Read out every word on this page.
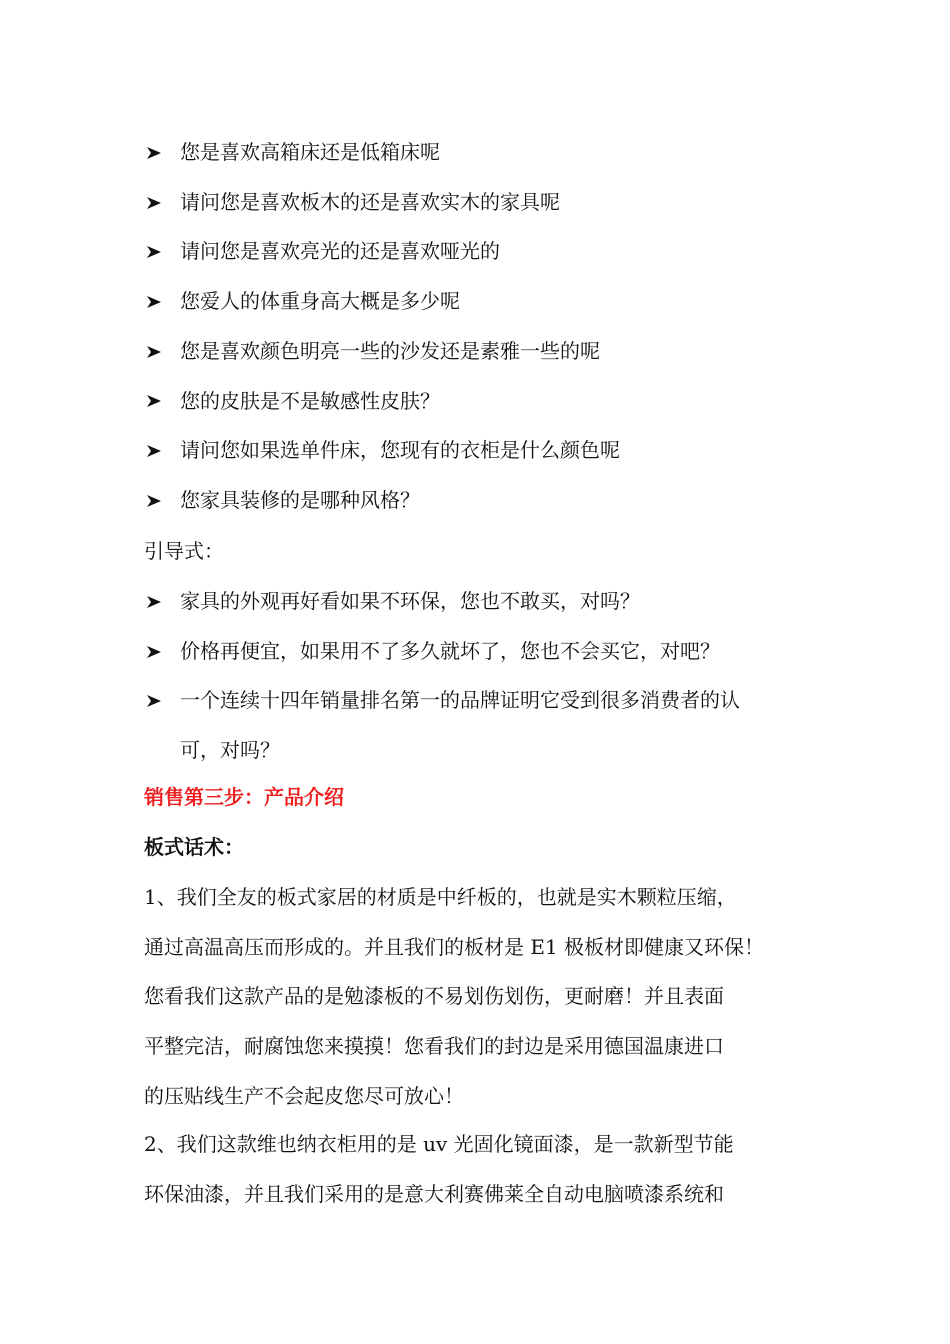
您是喜欢高箱床还是低箱床呢
请问您是喜欢板木的还是喜欢实木的家具呢
请问您是喜欢亮光的还是喜欢哑光的
您爱人的体重身高大概是多少呢
您是喜欢颜色明亮一些的沙发还是素雅一些的呢
您的皮肤是不是敏感性皮肤？
请问您如果选单件床，您现有的衣柜是什么颜色呢
您家具装修的是哪种风格？
引导式：
家具的外观再好看如果不环保，您也不敢买，对吗？
价格再便宜，如果用不了多久就坏了，您也不会买它，对吧？
一个连续十四年销量排名第一的品牌证明它受到很多消费者的认
可，对吗？
销售第三步：产品介绍
板式话术：

1、我们全友的板式家居的材质是中纤板的，也就是实木颗粒压缩，
通过高温高压而形成的。并且我们的板材是 E1 极板材即健康又环保！
您看我们这款产品的是勉漆板的不易划伤划伤，更耐磨！并且表面
平整完洁，耐腐蚀您来摸摸！您看我们的封边是采用德国温康进口
的压贴线生产不会起皮您尽可放心！

2、我们这款维也纳衣柜用的是 uv 光固化镜面漆，是一款新型节能
环保油漆，并且我们采用的是意大利赛佛莱全自动电脑喷漆系统和
